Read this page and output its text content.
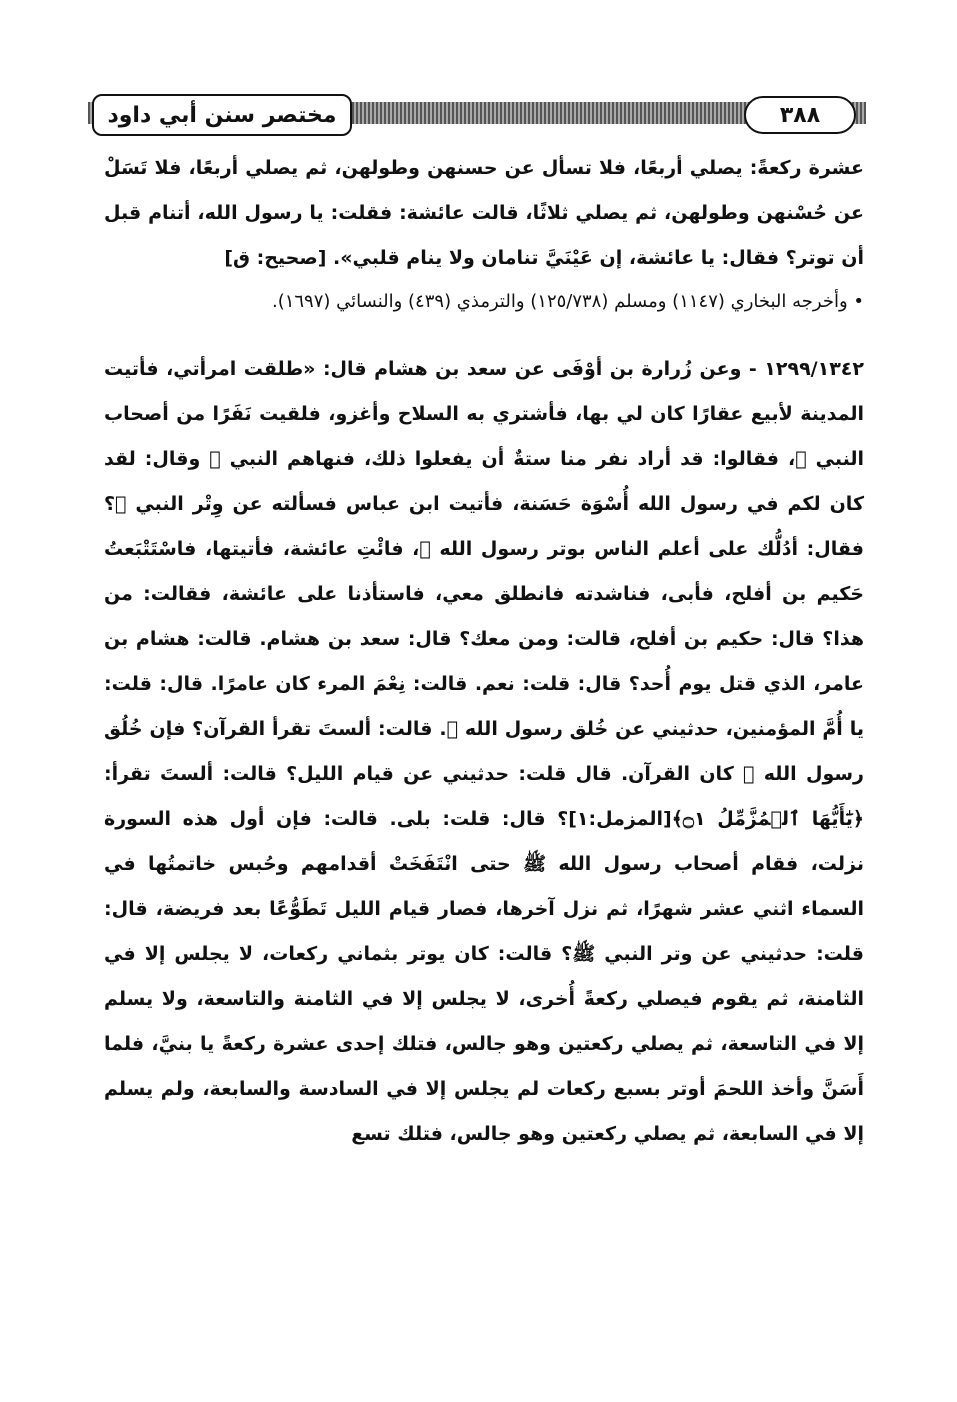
مختصر سنن أبي داود	٣٨٨

عشرة ركعةً: يصلي أربعًا، فلا تسأل عن حسنهن وطولهن، ثم يصلي أربعًا، فلا تَسَلْ عن حُسْنهن وطولهن، ثم يصلي ثلاثًا، قالت عائشة: فقلت: يا رسول الله، أتنام قبل أن توتر؟ فقال: يا عائشة، إن عَيْنَيَّ تنامان ولا ينام قلبي». [صحيح: ق]

• وأخرجه البخاري (١١٤٧) ومسلم (١٢٥/٧٣٨) والترمذي (٤٣٩) والنسائي (١٦٩٧).

١٢٩٩/١٣٤٢ - وعن زُرارة بن أوْفَى عن سعد بن هشام قال: «طلقت امرأتي، فأتيت المدينة لأبيع عقارًا كان لي بها، فأشتري به السلاح وأغزو، فلقيت نَفَرًا من أصحاب النبي ﷺ، فقالوا: قد أراد نفر منا ستةٌ أن يفعلوا ذلك، فنهاهم النبي ﷺ وقال: لقد كان لكم في رسول الله أُسْوَة حَسَنة، فأتيت ابن عباس فسألته عن وِتْر النبي ﷺ؟ فقال: أدُلُّك على أعلم الناس بوتر رسول الله ﷺ، فائْتِ عائشة، فأتيتها، فاسْتَتْبَعتُ حَكيم بن أفلح، فأبى، فناشدته فانطلق معي، فاستأذنا على عائشة، فقالت: من هذا؟ قال: حكيم بن أفلح، قالت: ومن معك؟ قال: سعد بن هشام. قالت: هشام بن عامر، الذي قتل يوم أُحد؟ قال: قلت: نعم. قالت: نِعْمَ المرء كان عامرًا. قال: قلت: يا أُمَّ المؤمنين، حدثيني عن خُلق رسول الله ﷺ. قالت: ألستَ تقرأ القرآن؟ فإن خُلُق رسول الله ﷺ كان القرآن. قال قلت: حدثيني عن قيام الليل؟ قالت: ألستَ تقرأ: ﴿يَٰٓأَيُّهَا ٱلۡمُزَّمِّلُ ۝١﴾[المزمل:١]؟ قال: قلت: بلى. قالت: فإن أول هذه السورة نزلت، فقام أصحاب رسول الله ﷺ حتى انْتَفَخَتْ أقدامهم وحُبس خاتمتُها في السماء اثني عشر شهرًا، ثم نزل آخرها، فصار قيام الليل تَطَوُّعًا بعد فريضة، قال: قلت: حدثيني عن وتر النبي ﷺ؟ قالت: كان يوتر بثماني ركعات، لا يجلس إلا في الثامنة، ثم يقوم فيصلي ركعةً أُخرى، لا يجلس إلا في الثامنة والتاسعة، ولا يسلم إلا في التاسعة، ثم يصلي ركعتين وهو جالس، فتلك إحدى عشرة ركعةً يا بنيَّ، فلما أَسَنَّ وأخذ اللحمَ أوتر بسبع ركعات لم يجلس إلا في السادسة والسابعة، ولم يسلم إلا في السابعة، ثم يصلي ركعتين وهو جالس، فتلك تسع
